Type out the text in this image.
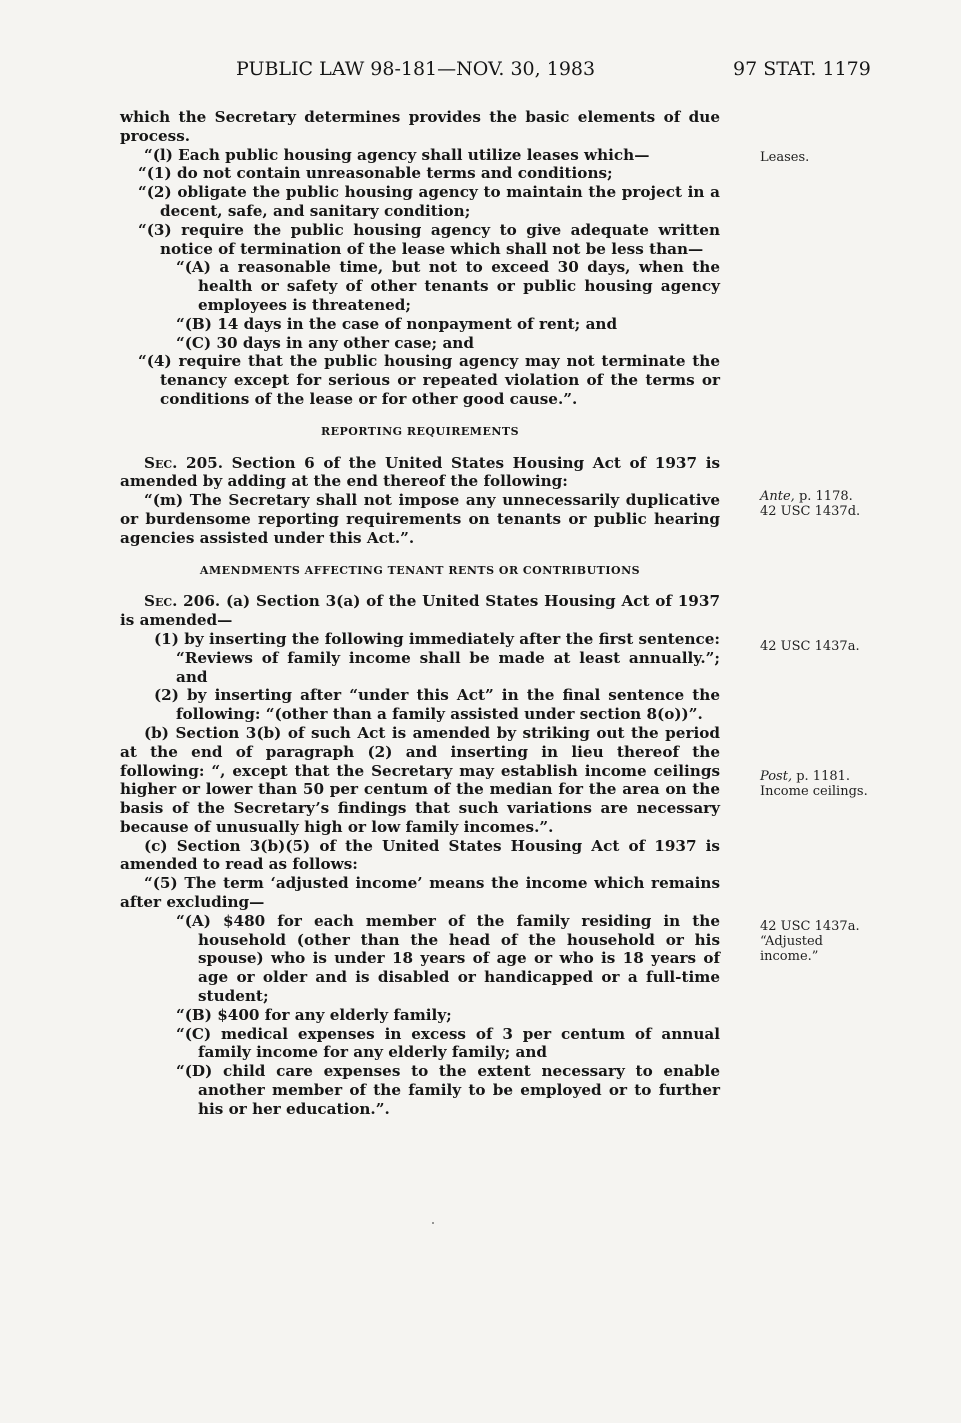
PUBLIC LAW 98-181—NOV. 30, 1983	97 STAT. 1179

which the Secretary determines provides the basic elements of due process.

“(l) Each public housing agency shall utilize leases which—

“(1) do not contain unreasonable terms and conditions;

“(2) obligate the public housing agency to maintain the project in a decent, safe, and sanitary condition;

“(3) require the public housing agency to give adequate written notice of termination of the lease which shall not be less than—

“(A) a reasonable time, but not to exceed 30 days, when the health or safety of other tenants or public housing agency employees is threatened;

“(B) 14 days in the case of nonpayment of rent; and

“(C) 30 days in any other case; and

“(4) require that the public housing agency may not terminate the tenancy except for serious or repeated violation of the terms or conditions of the lease or for other good cause.”.

REPORTING REQUIREMENTS

Sec. 205. Section 6 of the United States Housing Act of 1937 is amended by adding at the end thereof the following:

“(m) The Secretary shall not impose any unnecessarily duplicative or burdensome reporting requirements on tenants or public hearing agencies assisted under this Act.”.

AMENDMENTS AFFECTING TENANT RENTS OR CONTRIBUTIONS

Sec. 206. (a) Section 3(a) of the United States Housing Act of 1937 is amended—

(1) by inserting the following immediately after the first sentence: “Reviews of family income shall be made at least annually.”; and

(2) by inserting after “under this Act” in the final sentence the following: “(other than a family assisted under section 8(o))”.

(b) Section 3(b) of such Act is amended by striking out the period at the end of paragraph (2) and inserting in lieu thereof the following: “, except that the Secretary may establish income ceilings higher or lower than 50 per centum of the median for the area on the basis of the Secretary’s findings that such variations are necessary because of unusually high or low family incomes.”.

(c) Section 3(b)(5) of the United States Housing Act of 1937 is amended to read as follows:

“(5) The term ‘adjusted income’ means the income which remains after excluding—

“(A) $480 for each member of the family residing in the household (other than the head of the household or his spouse) who is under 18 years of age or who is 18 years of age or older and is disabled or handicapped or a full-time student;

“(B) $400 for any elderly family;

“(C) medical expenses in excess of 3 per centum of annual family income for any elderly family; and

“(D) child care expenses to the extent necessary to enable another member of the family to be employed or to further his or her education.”.

Leases.
Ante, p. 1178.
42 USC 1437d.
42 USC 1437a.
Post, p. 1181.
Income ceilings.
42 USC 1437a.
“Adjusted
income.”
